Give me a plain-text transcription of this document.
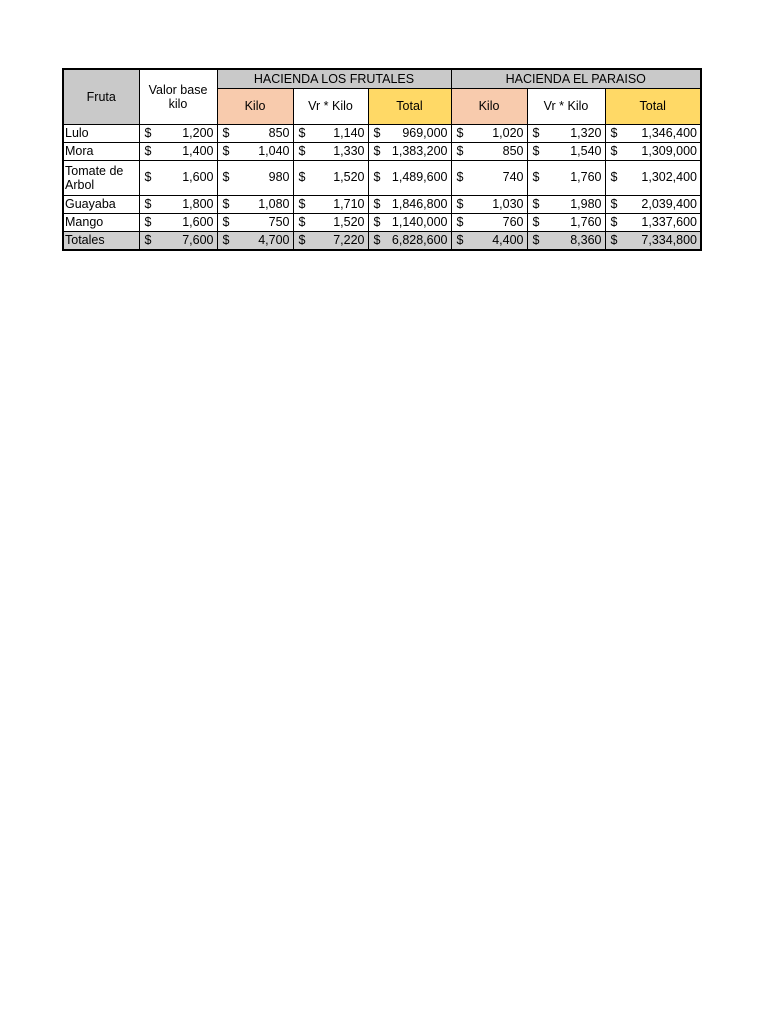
Fruta	Valor base kilo	HACIENDA LOS FRUTALES			HACIENDA EL PARAISO		
		Kilo	Vr * Kilo	Total	Kilo	Vr * Kilo	Total
Lulo	$ 1,200	$ 850	$ 1,140	$ 969,000	$ 1,020	$ 1,320	$ 1,346,400

Mora	$ 1,400	$ 1,040	$ 1,330	$ 1,383,200	$ 850	$ 1,540	$ 1,309,000

Tomate de Arbol	$ 1,600	$ 980	$ 1,520	$ 1,489,600	$ 740	$ 1,760	$ 1,302,400

Guayaba	$ 1,800	$ 1,080	$ 1,710	$ 1,846,800	$ 1,030	$ 1,980	$ 2,039,400

Mango	$ 1,600	$ 750	$ 1,520	$ 1,140,000	$ 760	$ 1,760	$ 1,337,600

Totales	$ 7,600	$ 4,700	$ 7,220	$ 6,828,600	$ 4,400	$ 8,360	$ 7,334,800
